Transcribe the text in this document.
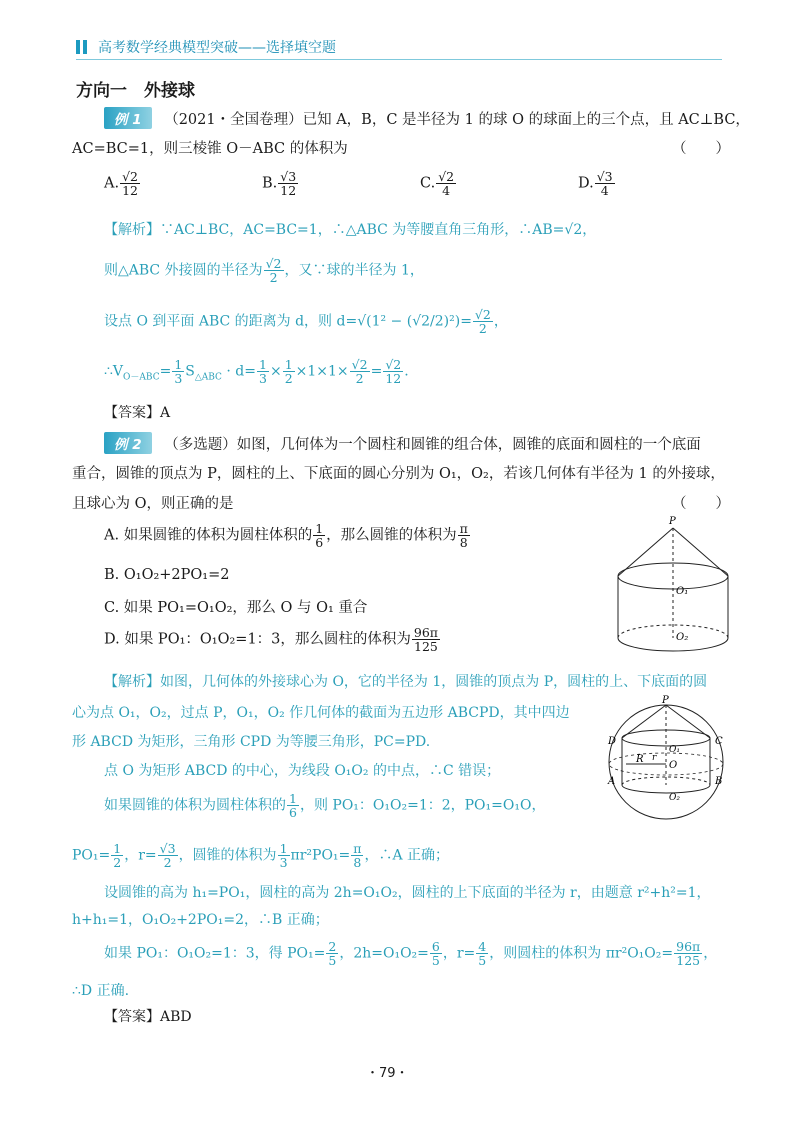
高考数学经典模型突破——选择填空题
方向一　外接球
例 1 （2021・全国卷理）已知 A，B，C 是半径为 1 的球 O 的球面上的三个点，且 AC⊥BC，
AC=BC=1，则三棱锥 O－ABC 的体积为	（　　）
A. $\frac{√2}{12}$	B. $\frac{√3}{12}$	C. $\frac{√2}{4}$	D. $\frac{√3}{4}$
【解析】∵AC⊥BC，AC=BC=1，∴△ABC 为等腰直角三角形，∴AB=√2，
则△ABC 外接圆的半径为 $\frac{√2}{2}$ ，又∵球的半径为 1，
设点 O 到平面 ABC 的距离为 d，则 $d=√(1^2 - (√2/2)^2)= \frac{√2}{2}$ ，
$\therefore V_{O-ABC}= \frac{1}{3} S_{\triangle ABC} \cdot d= \frac{1}{3} \times \frac{1}{2} \times 1\times 1\times \frac{√2}{2} = \frac{√2}{12}$ .
【答案】A
例 2 （多选题）如图，几何体为一个圆柱和圆锥的组合体，圆锥的底面和圆柱的一个底面
重合，圆锥的顶点为 P，圆柱的上、下底面的圆心分别为 O₁，O₂，若该几何体有半径为 1 的外接球，
且球心为 O，则正确的是	（　　）
A. 如果圆锥的体积为圆柱体积的 $\frac{1}{6}$ ，那么圆锥的体积为 $\frac{\pi}{8}$
B. O₁O₂+2PO₁=2
C. 如果 PO₁=O₁O₂，那么 O 与 O₁ 重合
D. 如果 PO₁：O₁O₂=1：3，那么圆柱的体积为 $\frac{96\pi}{125}$
P
O₁
O₂
P
D	C
O₁
R r
O
A	B
O₂
【解析】如图，几何体的外接球心为 O，它的半径为 1，圆锥的顶点为 P，圆柱的上、下底面的圆
心为点 O₁，O₂，过点 P，O₁，O₂ 作几何体的截面为五边形 ABCPD，其中四边
形 ABCD 为矩形，三角形 CPD 为等腰三角形，PC=PD.
点 O 为矩形 ABCD 的中心，为线段 O₁O₂ 的中点，∴C 错误；
如果圆锥的体积为圆柱体积的 $\frac{1}{6}$ ，则 PO₁：O₁O₂=1：2，PO₁=O₁O，
$PO_1= \frac{1}{2}$ ，$r= \frac{√3}{2}$ ，圆锥的体积为 $\frac{1}{3} \pi r^2PO_1= \frac{\pi}{8}$ ，∴A 正确；
设圆锥的高为 h₁=PO₁，圆柱的高为 2h=O₁O₂，圆柱的上下底面的半径为 r，由题意 r²+h²=1，
h+h₁=1，O₁O₂+2PO₁=2，∴B 正确；
如果 PO₁：O₁O₂=1：3，得 $PO_1= \frac{2}{5}$ ，$2h=O_1O_2= \frac{6}{5}$ ，$r= \frac{4}{5}$ ，则圆柱的体积为 $\pi r^2O_1O_2= \frac{96\pi}{125}$ ，
∴D 正确.
【答案】ABD
・79・
